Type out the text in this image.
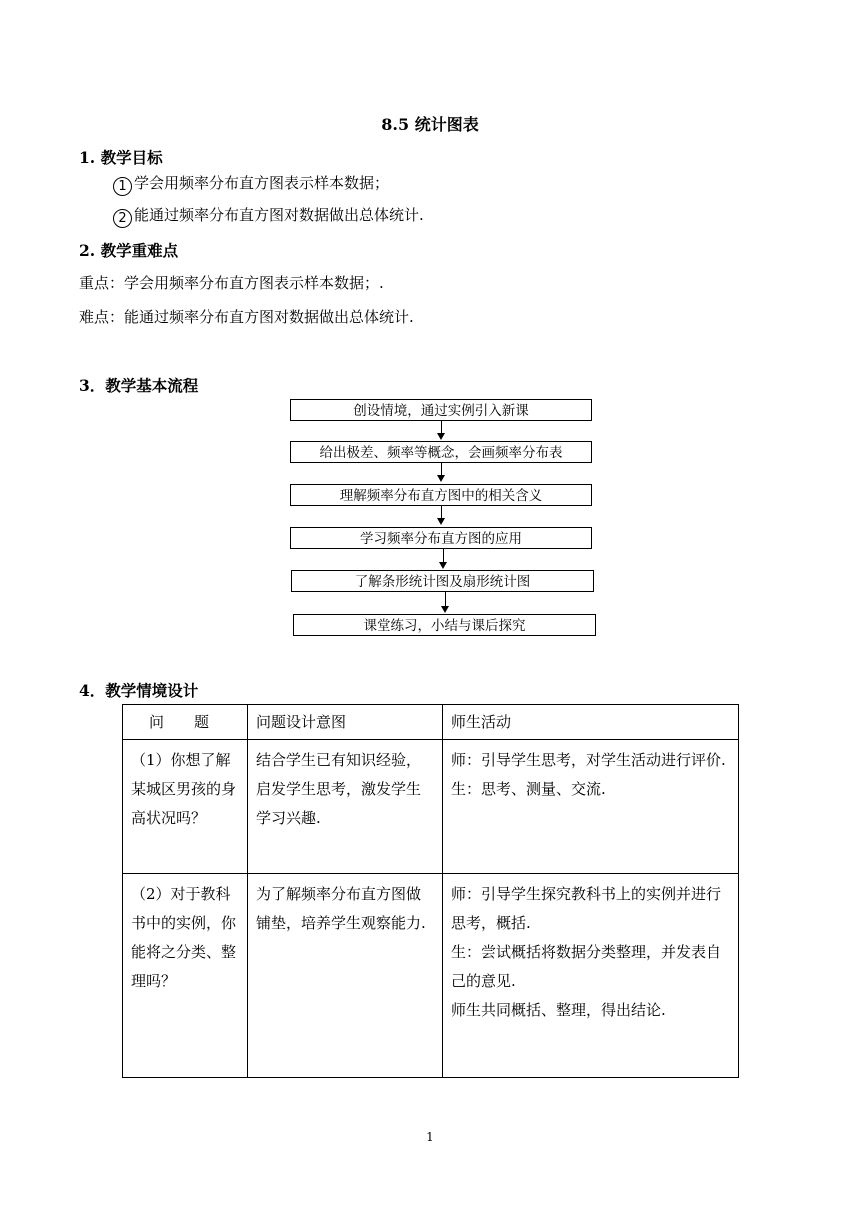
8.5 统计图表
1. 教学目标
1 学会用频率分布直方图表示样本数据；
2 能通过频率分布直方图对数据做出总体统计.
2. 教学重难点
重点：学会用频率分布直方图表示样本数据；.
难点：能通过频率分布直方图对数据做出总体统计.
3．教学基本流程
创设情境，通过实例引入新课
给出极差、频率等概念，会画频率分布表
理解频率分布直方图中的相关含义
学习频率分布直方图的应用
了解条形统计图及扇形统计图
课堂练习，小结与课后探究
4．教学情境设计
问　　题	问题设计意图	师生活动
（1）你想了解某城区男孩的身高状况吗？	结合学生已有知识经验，启发学生思考，激发学生学习兴趣.	师：引导学生思考，对学生活动进行评价.
生：思考、测量、交流.

（2）对于教科书中的实例，你能将之分类、整理吗？	为了解频率分布直方图做铺垫，培养学生观察能力.	师：引导学生探究教科书上的实例并进行思考，概括.
生：尝试概括将数据分类整理，并发表自己的意见.
师生共同概括、整理，得出结论.
1
